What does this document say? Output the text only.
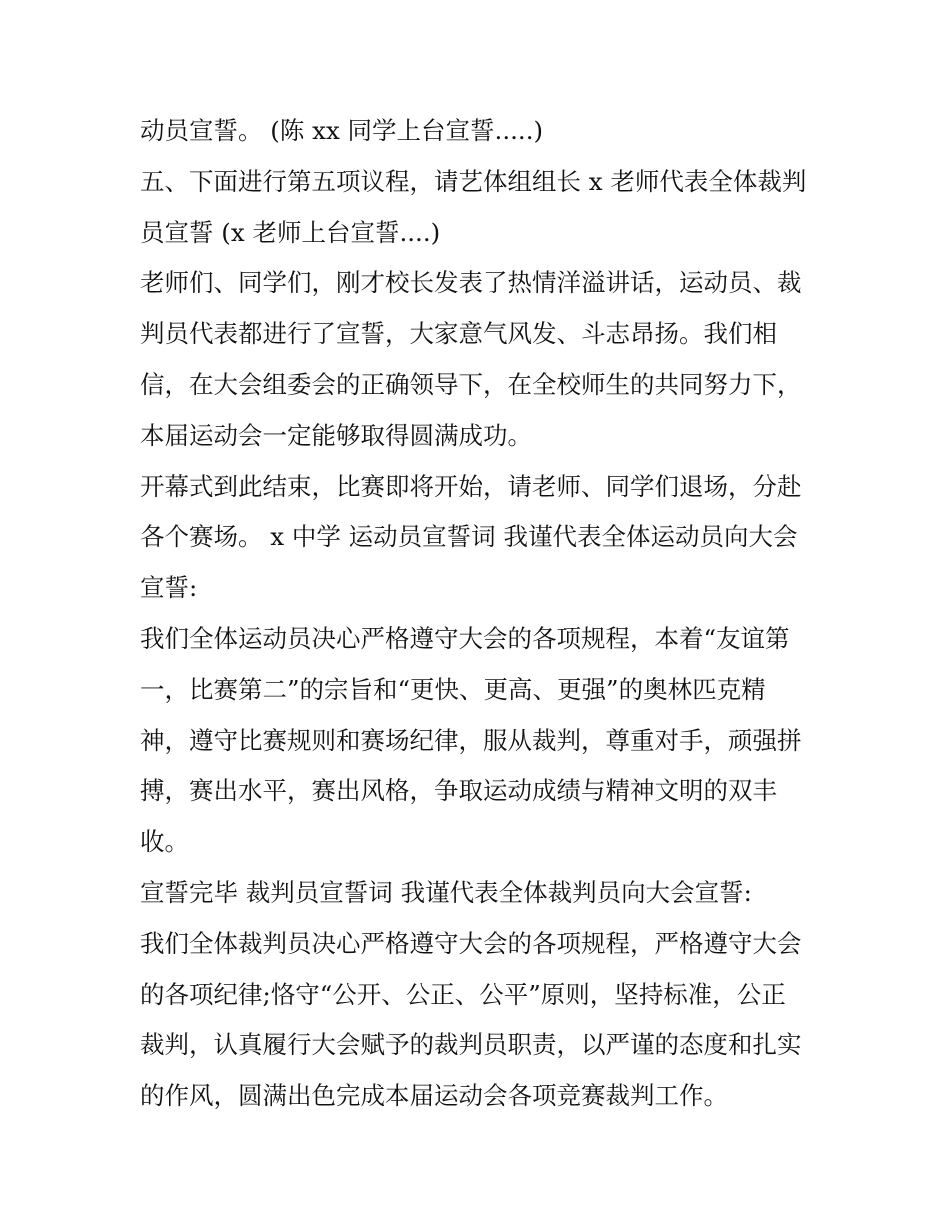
动员宣誓。 (陈 xx 同学上台宣誓.....)
五、下面进行第五项议程，请艺体组组长 x 老师代表全体裁判
员宣誓 (x 老师上台宣誓....)
老师们、同学们，刚才校长发表了热情洋溢讲话，运动员、裁
判员代表都进行了宣誓，大家意气风发、斗志昂扬。我们相
信，在大会组委会的正确领导下，在全校师生的共同努力下，
本届运动会一定能够取得圆满成功。
开幕式到此结束，比赛即将开始，请老师、同学们退场，分赴
各个赛场。 x 中学 运动员宣誓词 我谨代表全体运动员向大会
宣誓:
我们全体运动员决心严格遵守大会的各项规程，本着“友谊第
一，比赛第二”的宗旨和“更快、更高、更强”的奥林匹克精
神，遵守比赛规则和赛场纪律，服从裁判，尊重对手，顽强拼
搏，赛出水平，赛出风格，争取运动成绩与精神文明的双丰
收。
宣誓完毕 裁判员宣誓词 我谨代表全体裁判员向大会宣誓:
我们全体裁判员决心严格遵守大会的各项规程，严格遵守大会
的各项纪律;恪守“公开、公正、公平”原则，坚持标准，公正
裁判，认真履行大会赋予的裁判员职责，以严谨的态度和扎实
的作风，圆满出色完成本届运动会各项竞赛裁判工作。
